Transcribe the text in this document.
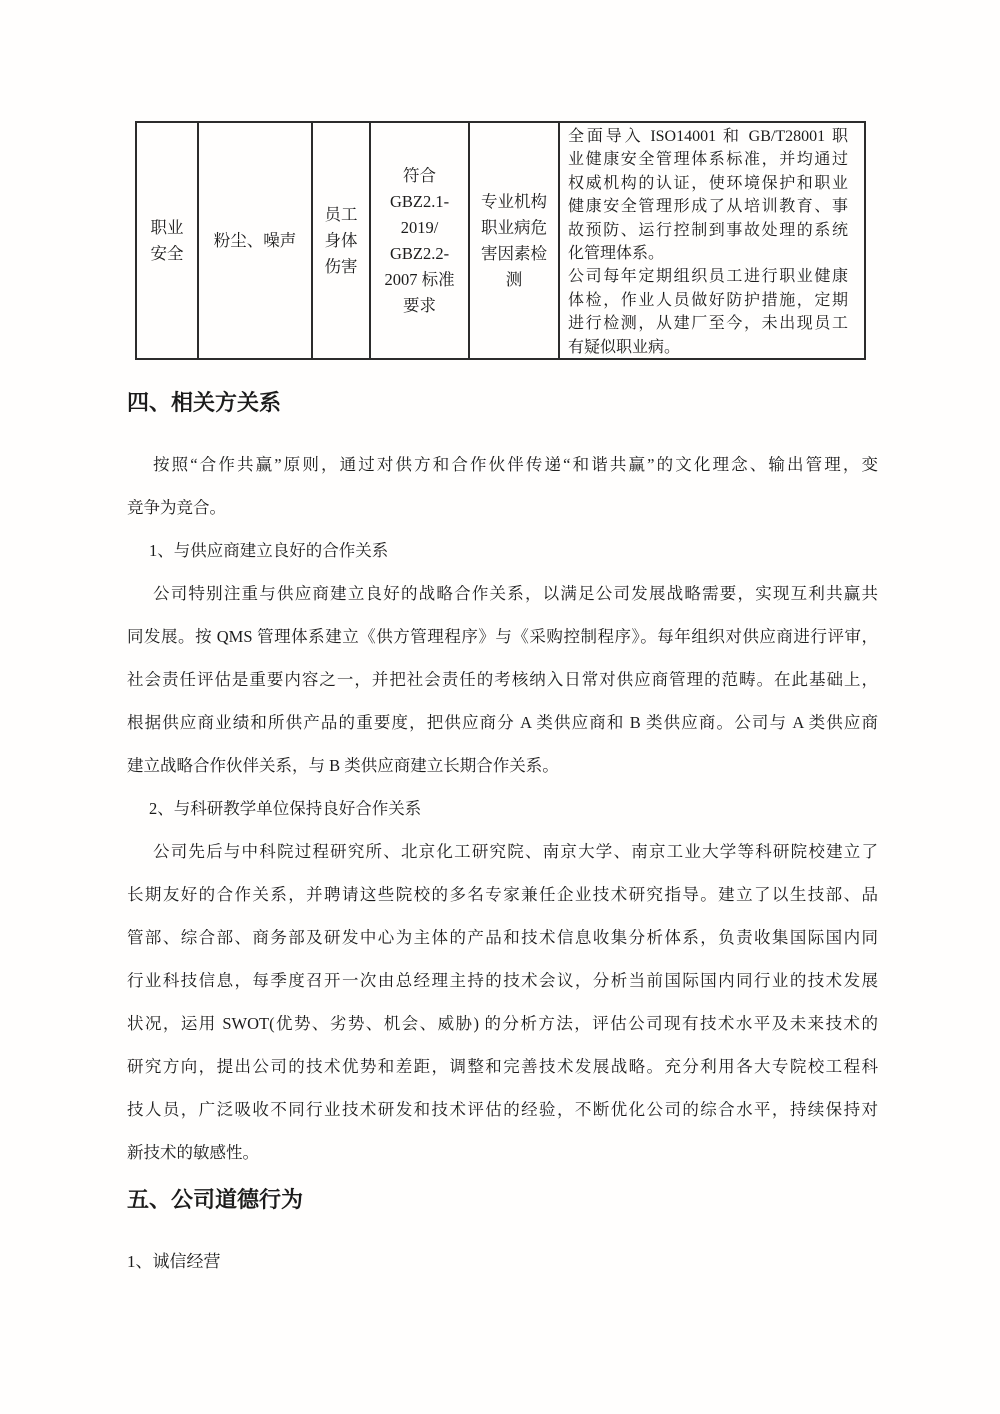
职业
安全
粉尘、噪声
员工
身体
伤害
符合
GBZ2.1-
2019/
GBZ2.2-
2007 标准
要求
专业机构
职业病危
害因素检
测
全面导入 ISO14001 和 GB/T28001 职
业健康安全管理体系标准，并均通过
权威机构的认证，使环境保护和职业
健康安全管理形成了从培训教育、事
故预防、运行控制到事故处理的系统
化管理体系。
公司每年定期组织员工进行职业健康
体检，作业人员做好防护措施，定期
进行检测，从建厂至今，未出现员工
有疑似职业病。
四、相关方关系
按照“合作共赢”原则，通过对供方和合作伙伴传递“和谐共赢”的文化理念、输出管理，变
竞争为竞合。
1、与供应商建立良好的合作关系
公司特别注重与供应商建立良好的战略合作关系，以满足公司发展战略需要，实现互利共赢共
同发展。按 QMS 管理体系建立《供方管理程序》与《采购控制程序》。每年组织对供应商进行评审，
社会责任评估是重要内容之一，并把社会责任的考核纳入日常对供应商管理的范畴。在此基础上，
根据供应商业绩和所供产品的重要度，把供应商分 A 类供应商和 B 类供应商。公司与 A 类供应商
建立战略合作伙伴关系，与 B 类供应商建立长期合作关系。
2、与科研教学单位保持良好合作关系
公司先后与中科院过程研究所、北京化工研究院、南京大学、南京工业大学等科研院校建立了
长期友好的合作关系，并聘请这些院校的多名专家兼任企业技术研究指导。建立了以生技部、品
管部、综合部、商务部及研发中心为主体的产品和技术信息收集分析体系，负责收集国际国内同
行业科技信息，每季度召开一次由总经理主持的技术会议，分析当前国际国内同行业的技术发展
状况，运用 SWOT(优势、劣势、机会、威胁) 的分析方法，评估公司现有技术水平及未来技术的
研究方向，提出公司的技术优势和差距，调整和完善技术发展战略。充分利用各大专院校工程科
技人员，广泛吸收不同行业技术研发和技术评估的经验，不断优化公司的综合水平，持续保持对
新技术的敏感性。
五、公司道德行为
1、诚信经营
